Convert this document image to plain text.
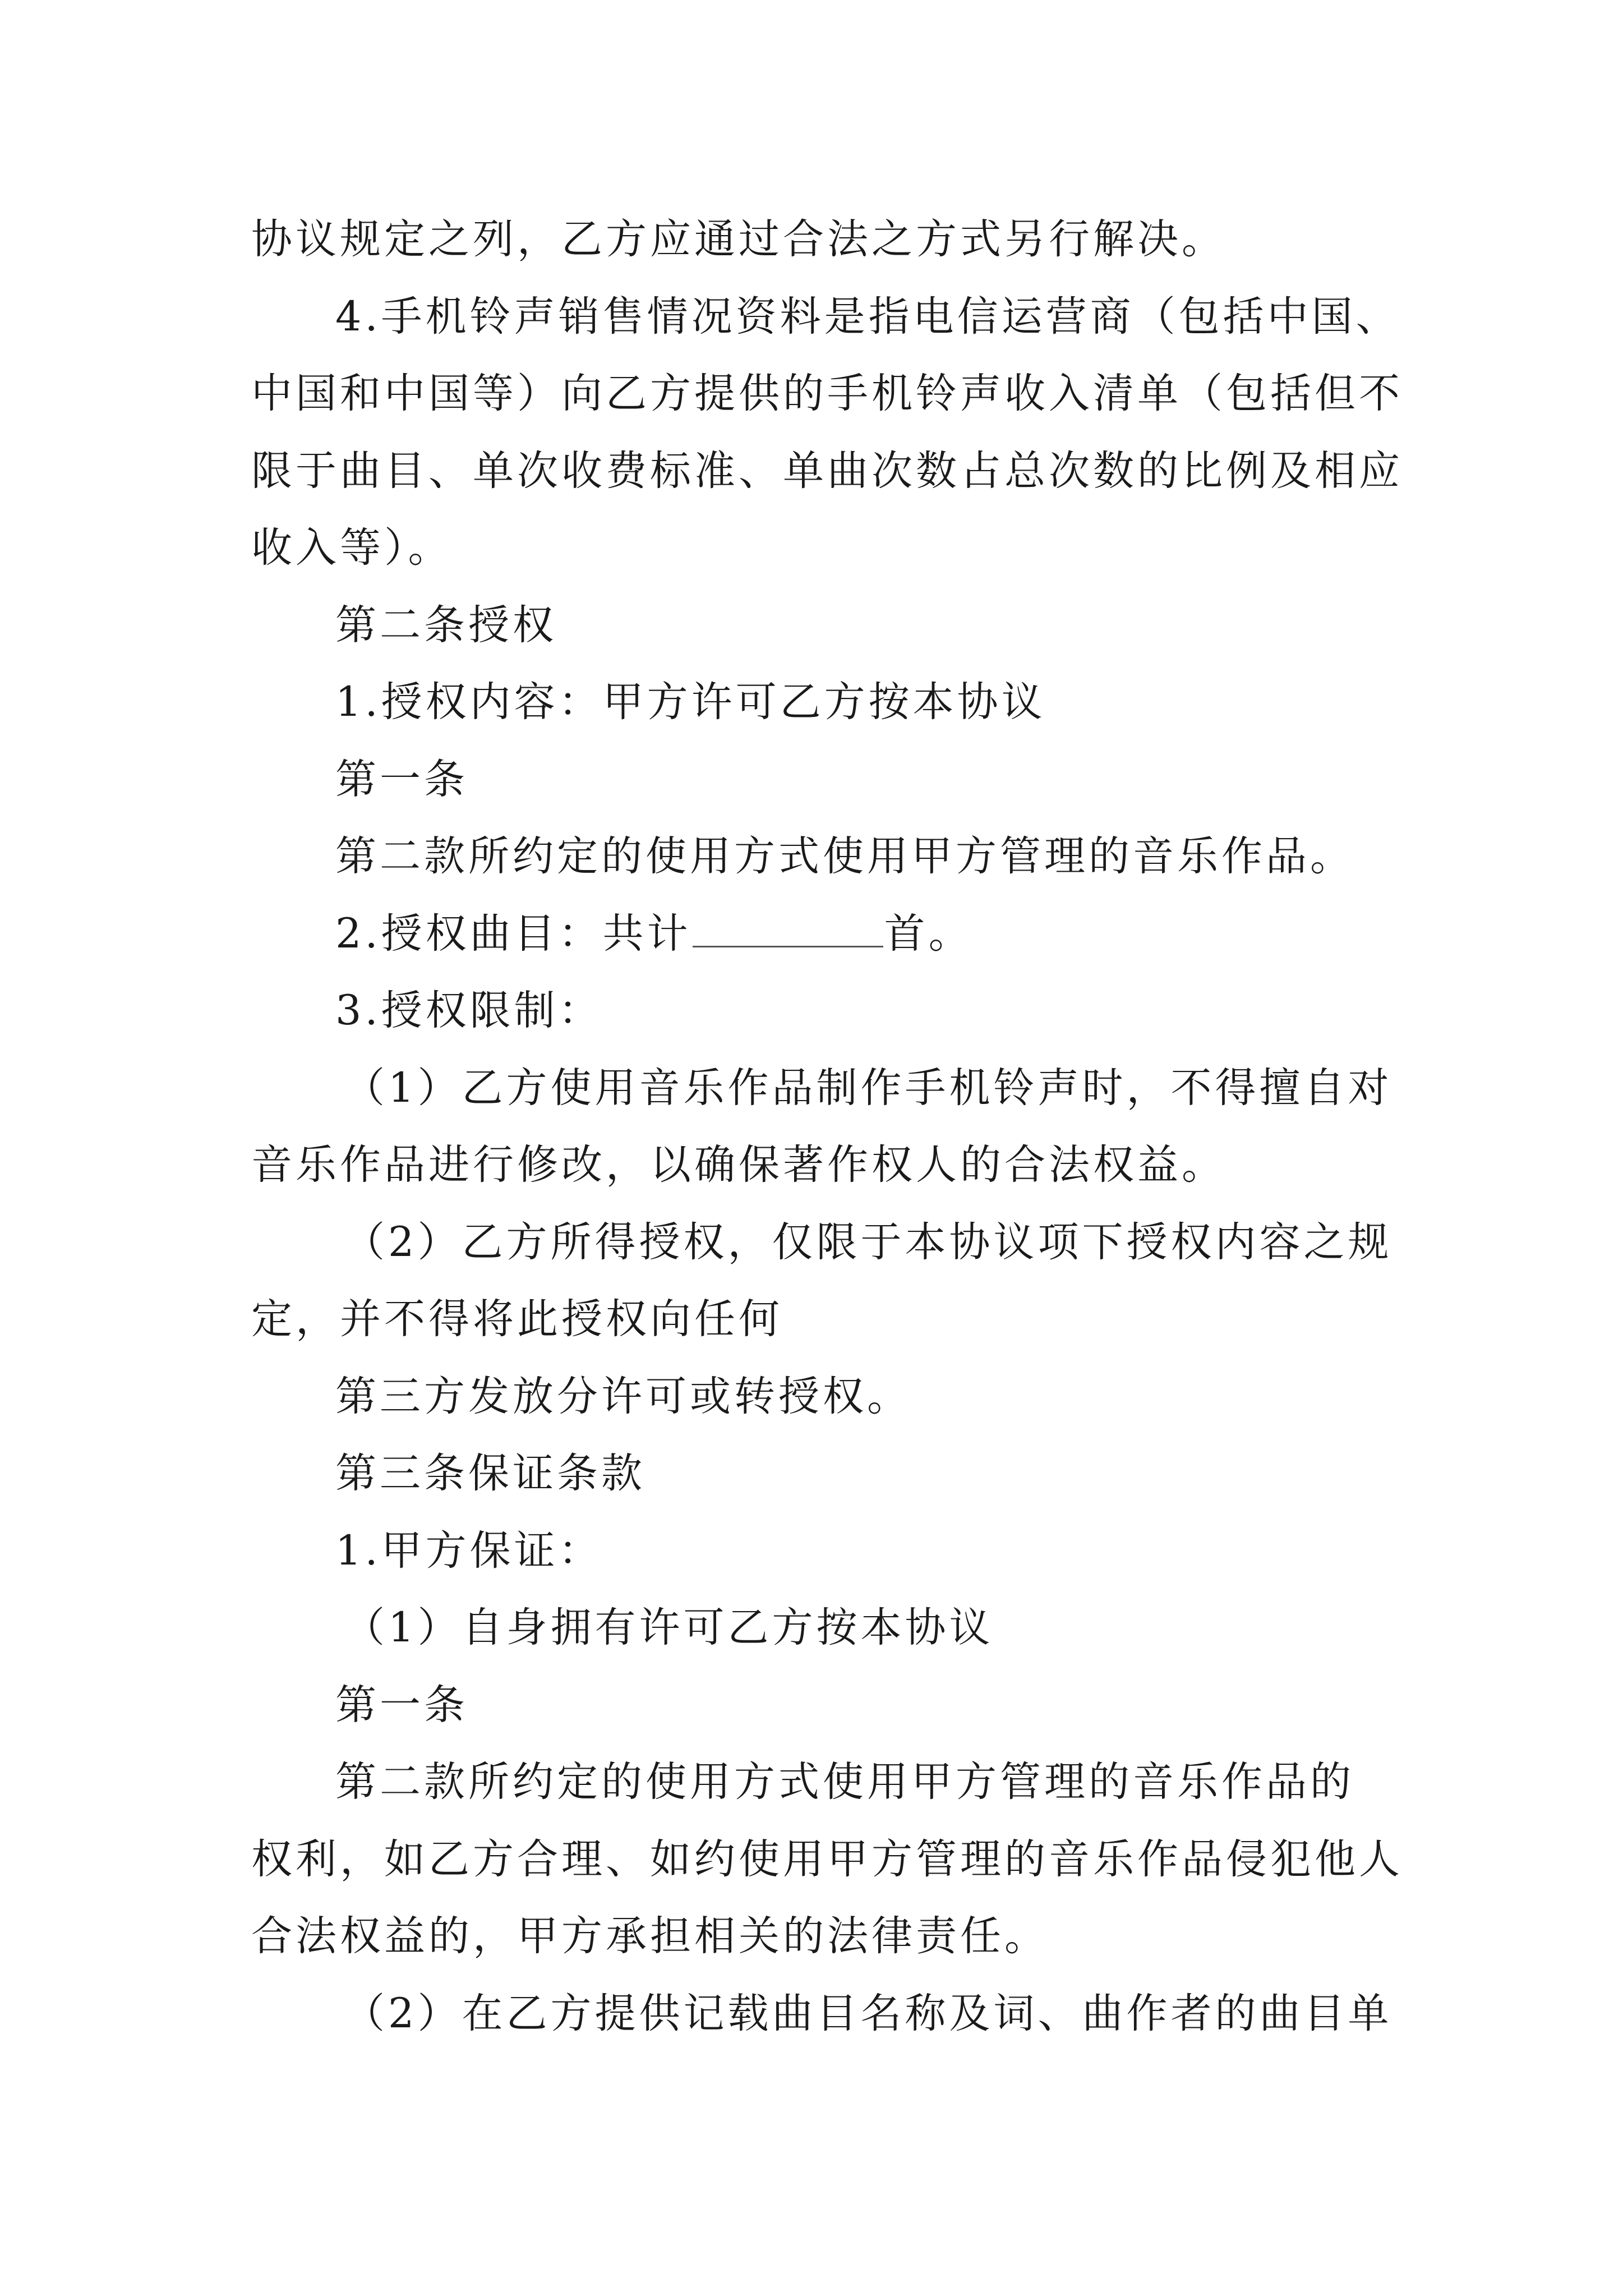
协议规定之列，乙方应通过合法之方式另行解决。

4.手机铃声销售情况资料是指电信运营商（包括中国、

中国和中国等）向乙方提供的手机铃声收入清单（包括但不

限于曲目、单次收费标准、单曲次数占总次数的比例及相应

收入等）。

第二条授权

1.授权内容：甲方许可乙方按本协议

第一条

第二款所约定的使用方式使用甲方管理的音乐作品。

2.授权曲目：共计	首。

3.授权限制：

（1）乙方使用音乐作品制作手机铃声时，不得擅自对

音乐作品进行修改，以确保著作权人的合法权益。

（2）乙方所得授权，仅限于本协议项下授权内容之规

定，并不得将此授权向任何

第三方发放分许可或转授权。

第三条保证条款

1.甲方保证：

（1）自身拥有许可乙方按本协议

第一条

第二款所约定的使用方式使用甲方管理的音乐作品的

权利，如乙方合理、如约使用甲方管理的音乐作品侵犯他人

合法权益的，甲方承担相关的法律责任。

（2）在乙方提供记载曲目名称及词、曲作者的曲目单
